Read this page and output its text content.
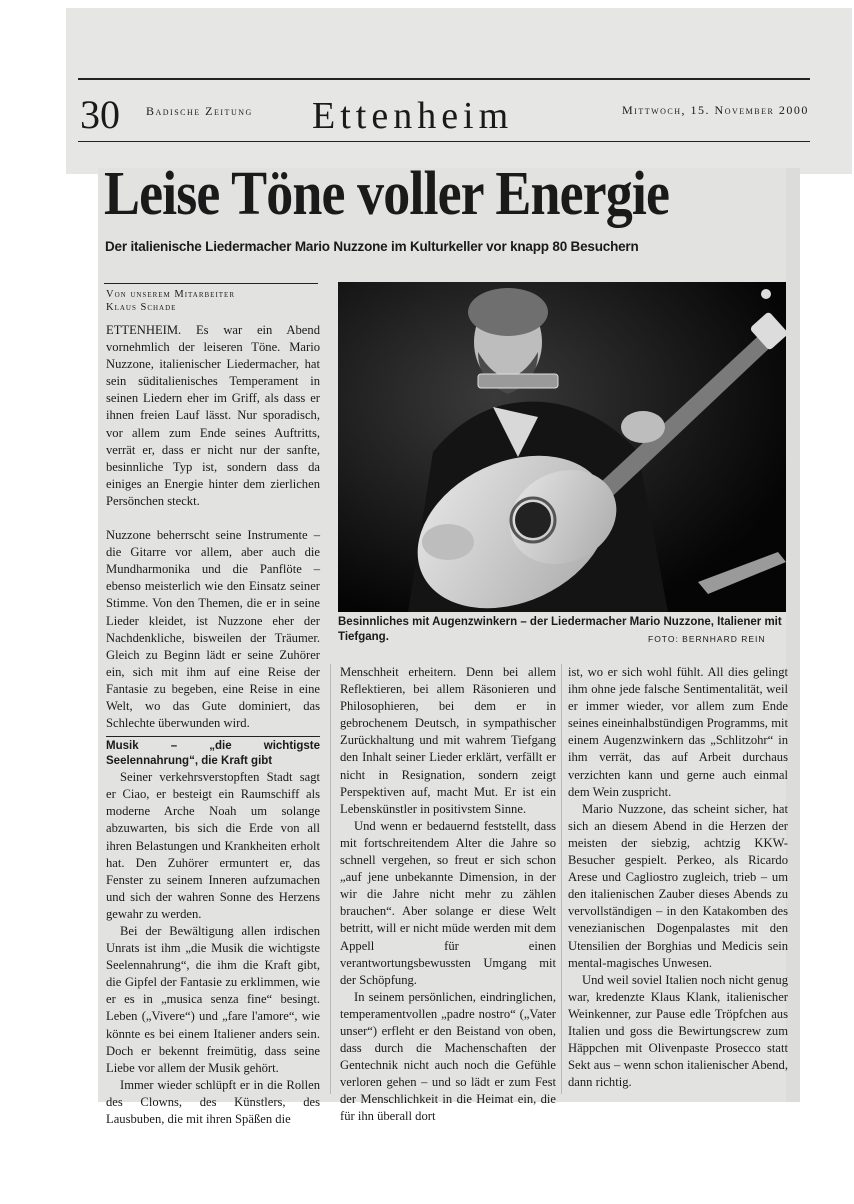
30 Badische Zeitung Ettenheim	Mittwoch, 15. November 2000
Leise Töne voller Energie
Der italienische Liedermacher Mario Nuzzone im Kulturkeller vor knapp 80 Besuchern
Von unserem Mitarbeiter
Klaus Schade

ETTENHEIM. Es war ein Abend vornehmlich der leiseren Töne. Mario Nuzzone, italienischer Liedermacher, hat sein süditalienisches Temperament in seinen Liedern eher im Griff, als dass er ihnen freien Lauf lässt. Nur sporadisch, vor allem zum Ende seines Auftritts, verrät er, dass er nicht nur der sanfte, besinnliche Typ ist, sondern dass da einiges an Energie hinter dem zierlichen Persönchen steckt.

Nuzzone beherrscht seine Instrumente – die Gitarre vor allem, aber auch die Mundharmonika und die Panflöte – ebenso meisterlich wie den Einsatz seiner Stimme. Von den Themen, die er in seine Lieder kleidet, ist Nuzzone eher der Nachdenkliche, bisweilen der Träumer. Gleich zu Beginn lädt er seine Zuhörer ein, sich mit ihm auf eine Reise der Fantasie zu begeben, eine Reise in eine Welt, wo das Gute dominiert, das Schlechte überwunden wird.

Musik – „die wichtigste Seelennahrung“, die Kraft gibt

Seiner verkehrsverstopften Stadt sagt er Ciao, er besteigt ein Raumschiff als moderne Arche Noah um solange abzuwarten, bis sich die Erde von all ihren Belastungen und Krankheiten erholt hat. Den Zuhörer ermuntert er, das Fenster zu seinem Inneren aufzumachen und sich der wahren Sonne des Herzens gewahr zu werden.

Bei der Bewältigung allen irdischen Unrats ist ihm „die Musik die wichtigste Seelennahrung“, die ihm die Kraft gibt, die Gipfel der Fantasie zu erklimmen, wie er es in „musica senza fine“ besingt. Leben („Vivere“) und „fare l'amore“, wie könnte es bei einem Italiener anders sein. Doch er bekennt freimütig, dass seine Liebe vor allem der Musik gehört.

Immer wieder schlüpft er in die Rollen des Clowns, des Künstlers, des Lausbuben, die mit ihren Späßen die

Besinnliches mit Augenzwinkern – der Liedermacher Mario Nuzzone, Italiener mit Tiefgang.	FOTO: BERNHARD REIN

Menschheit erheitern. Denn bei allem Reflektieren, bei allem Räsonieren und Philosophieren, bei dem er in gebrochenem Deutsch, in sympathischer Zurückhaltung und mit wahrem Tiefgang den Inhalt seiner Lieder erklärt, verfällt er nicht in Resignation, sondern zeigt Perspektiven auf, macht Mut. Er ist ein Lebenskünstler in positivstem Sinne.

Und wenn er bedauernd feststellt, dass mit fortschreitendem Alter die Jahre so schnell vergehen, so freut er sich schon „auf jene unbekannte Dimension, in der wir die Jahre nicht mehr zu zählen brauchen“. Aber solange er diese Welt betritt, will er nicht müde werden mit dem Appell für einen verantwortungsbewussten Umgang mit der Schöpfung.

In seinem persönlichen, eindringlichen, temperamentvollen „padre nostro“ („Vater unser“) erfleht er den Beistand von oben, dass durch die Machenschaften der Gentechnik nicht auch noch die Gefühle verloren gehen – und so lädt er zum Fest der Menschlichkeit in die Heimat ein, die für ihn überall dort

ist, wo er sich wohl fühlt. All dies gelingt ihm ohne jede falsche Sentimentalität, weil er immer wieder, vor allem zum Ende seines eineinhalbstündigen Programms, mit einem Augenzwinkern das „Schlitzohr“ in ihm verrät, das auf Arbeit durchaus verzichten kann und gerne auch einmal dem Wein zuspricht.

Mario Nuzzone, das scheint sicher, hat sich an diesem Abend in die Herzen der meisten der siebzig, achtzig KKW-Besucher gespielt. Perkeo, als Ricardo Arese und Cagliostro zugleich, trieb – um den italienischen Zauber dieses Abends zu vervollständigen – in den Katakomben des venezianischen Dogenpalastes mit den Utensilien der Borghias und Medicis sein mental-magisches Unwesen.

Und weil soviel Italien noch nicht genug war, kredenzte Klaus Klank, italienischer Weinkenner, zur Pause edle Tröpfchen aus Italien und goss die Bewirtungscrew zum Häppchen mit Olivenpaste Prosecco statt Sekt aus – wenn schon italienischer Abend, dann richtig.
